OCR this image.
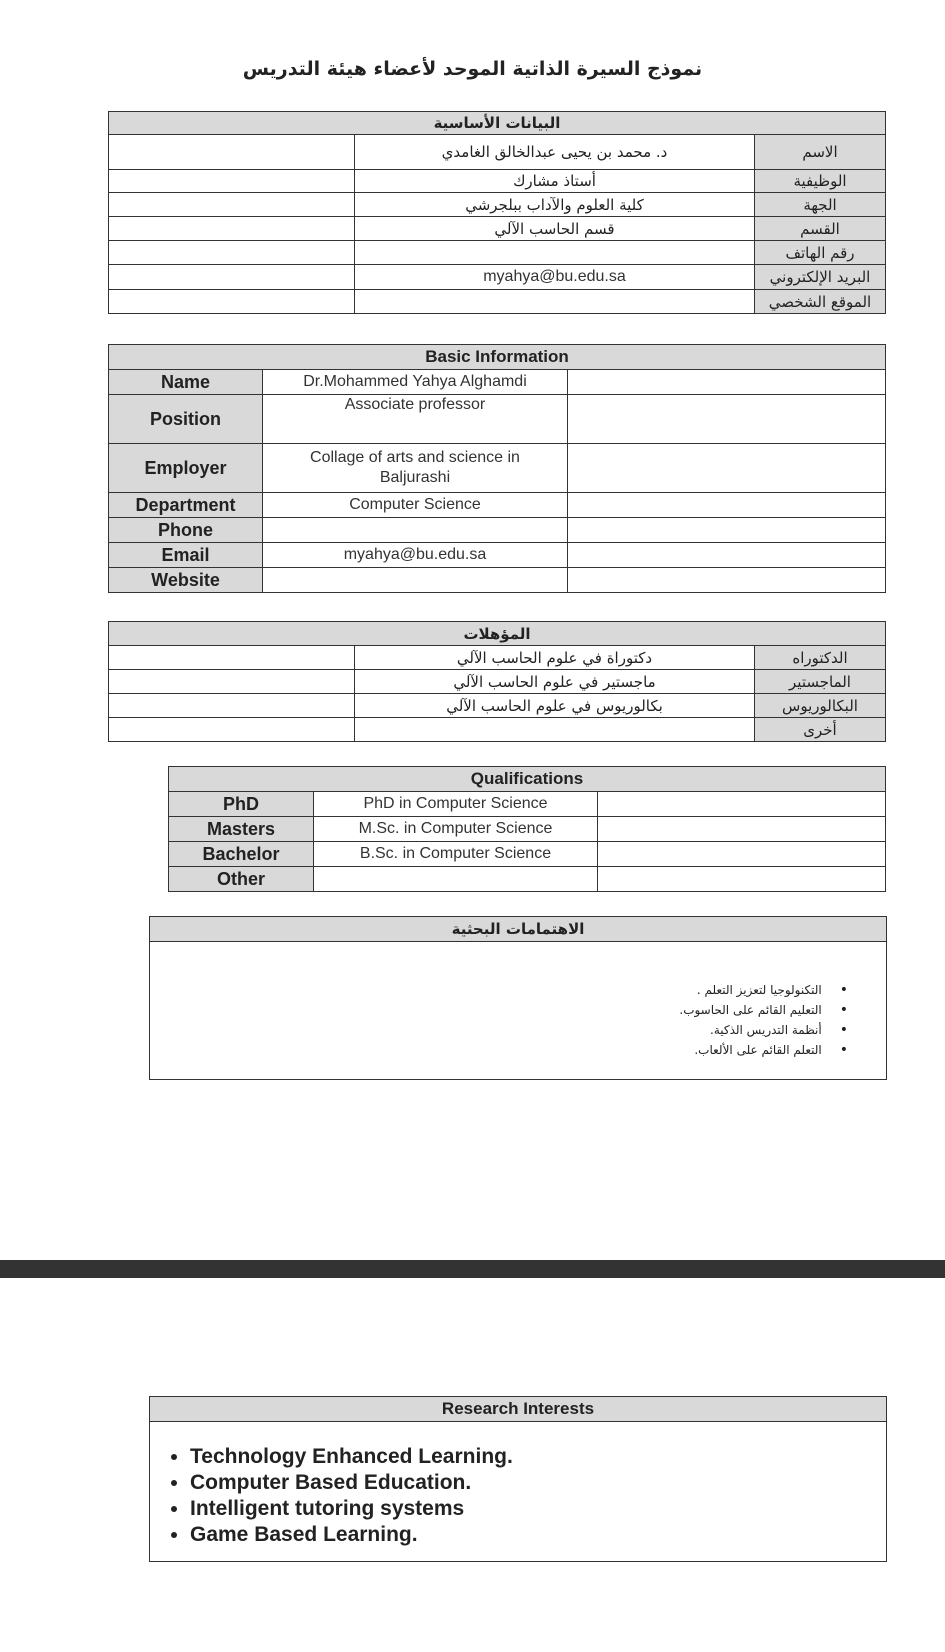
نموذج السيرة الذاتية الموحد لأعضاء هيئة التدريس
البيانات الأساسية		
	د. محمد بن يحيى عبدالخالق الغامدي	الاسم
	أستاذ مشارك	الوظيفية
	كلية العلوم والآداب ببلجرشي	الجهة
	قسم الحاسب الآلي	القسم
		رقم الهاتف
	myahya@bu.edu.sa	البريد الإلكتروني
		الموقع الشخصي
Basic Information		
Name	Dr.Mohammed Yahya Alghamdi	
Position	Associate professor	
Employer	Collage of arts and science in Baljurashi	
Department	Computer Science	
Phone		
Email	myahya@bu.edu.sa	
Website		
المؤهلات		
	دكتوراة في علوم الحاسب الآلي	الدكتوراه
	ماجستير في علوم الحاسب الآلي	الماجستير
	بكالوريوس في علوم الحاسب الآلي	البكالوريوس
		أخرى
Qualifications		
PhD	PhD in Computer Science	
Masters	M.Sc. in Computer Science	
Bachelor	B.Sc. in Computer Science	
Other		
الاهتمامات البحثية
• التكنولوجيا لتعزيز التعلم .
• التعليم القائم على الحاسوب.
• أنظمة التدريس الذكية.
• التعلم القائم على الألعاب.
Research Interests
• Technology Enhanced Learning.
• Computer Based Education.
• Intelligent tutoring systems
• Game Based Learning.
